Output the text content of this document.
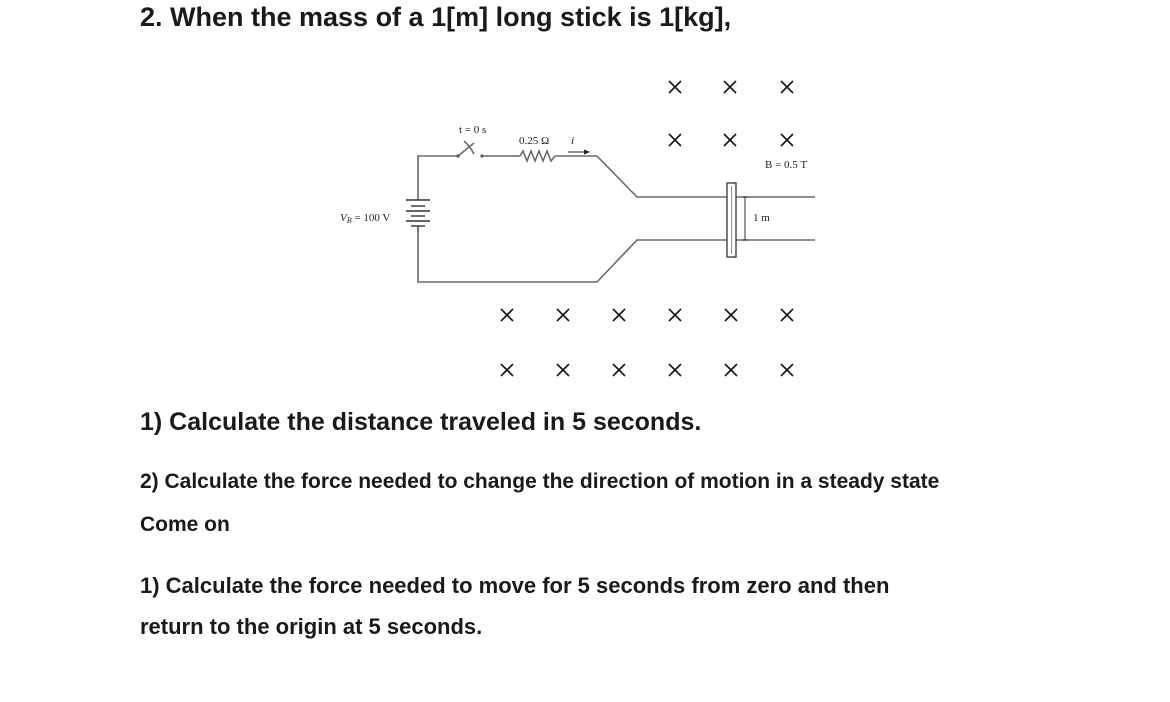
2. When the mass of a 1[m] long stick is 1[kg],
t = 0 s
0.25 Ω i
B = 0.5 T
1 m
VB = 100 V

1) Calculate the distance traveled in 5 seconds.

2) Calculate the force needed to change the direction of motion in a steady state

Come on

1) Calculate the force needed to move for 5 seconds from zero and then

return to the origin at 5 seconds.
